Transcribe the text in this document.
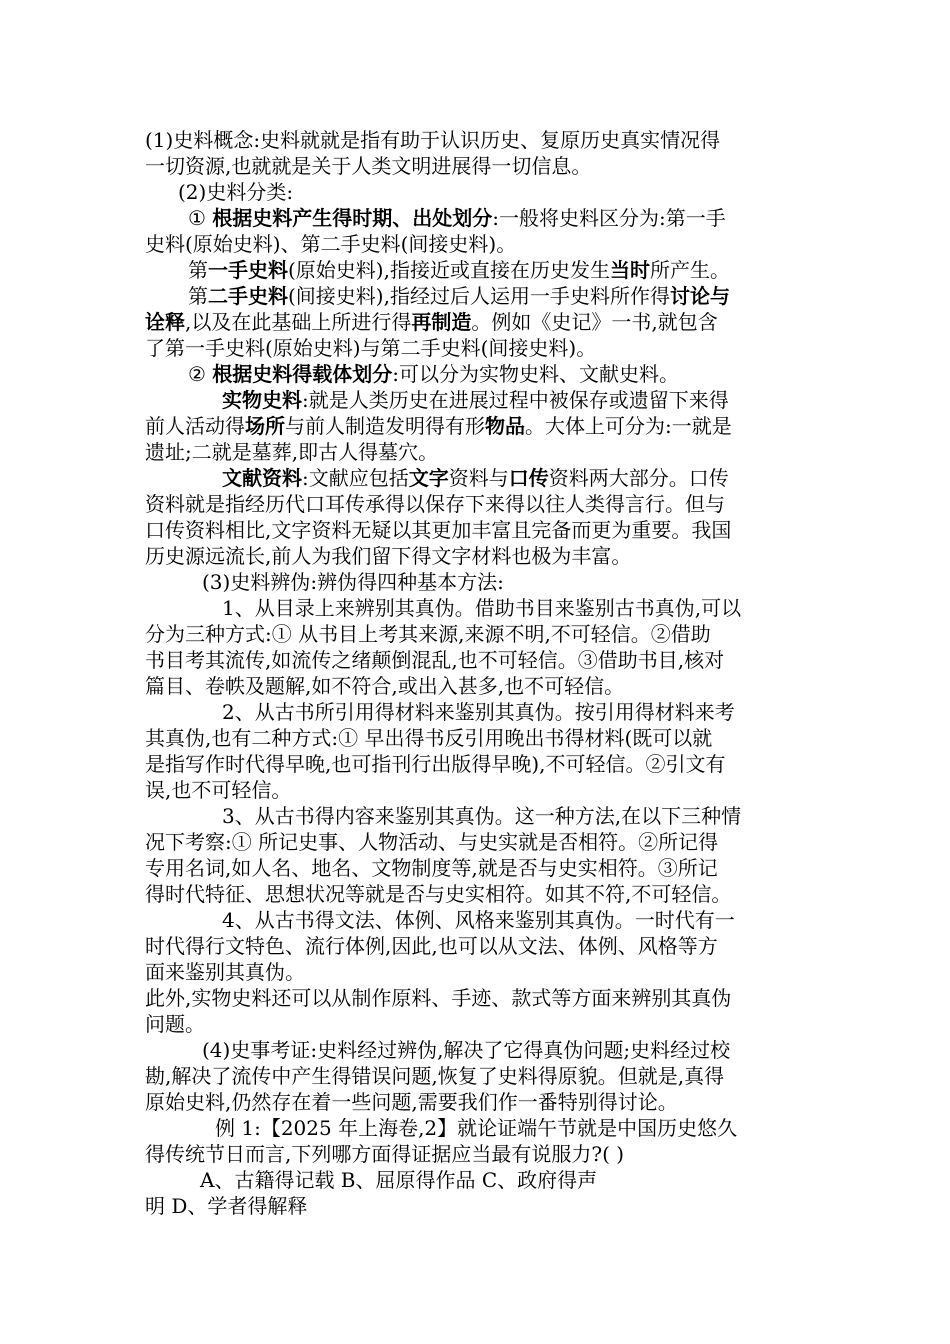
(1)史料概念:史料就就是指有助于认识历史、复原历史真实情况得
一切资源,也就就是关于人类文明进展得一切信息。
(2)史料分类:
① 根据史料产生得时期、出处划分:一般将史料区分为:第一手
史料(原始史料)、第二手史料(间接史料)。
第一手史料(原始史料),指接近或直接在历史发生当时所产生。
第二手史料(间接史料),指经过后人运用一手史料所作得讨论与
诠释,以及在此基础上所进行得再制造。例如《史记》一书,就包含
了第一手史料(原始史料)与第二手史料(间接史料)。
② 根据史料得载体划分:可以分为实物史料、文献史料。
实物史料:就是人类历史在进展过程中被保存或遗留下来得
前人活动得场所与前人制造发明得有形物品。大体上可分为:一就是
遗址;二就是墓葬,即古人得墓穴。
文献资料:文献应包括文字资料与口传资料两大部分。口传
资料就是指经历代口耳传承得以保存下来得以往人类得言行。但与
口传资料相比,文字资料无疑以其更加丰富且完备而更为重要。我国
历史源远流长,前人为我们留下得文字材料也极为丰富。
(3)史料辨伪:辨伪得四种基本方法:
1、从目录上来辨别其真伪。借助书目来鉴别古书真伪,可以
分为三种方式:① 从书目上考其来源,来源不明,不可轻信。②借助
书目考其流传,如流传之绪颠倒混乱,也不可轻信。③借助书目,核对
篇目、卷帙及题解,如不符合,或出入甚多,也不可轻信。
2、从古书所引用得材料来鉴别其真伪。按引用得材料来考
其真伪,也有二种方式:① 早出得书反引用晚出书得材料(既可以就
是指写作时代得早晚,也可指刊行出版得早晚),不可轻信。②引文有
误,也不可轻信。
3、从古书得内容来鉴别其真伪。这一种方法,在以下三种情
况下考察:① 所记史事、人物活动、与史实就是否相符。②所记得
专用名词,如人名、地名、文物制度等,就是否与史实相符。③所记
得时代特征、思想状况等就是否与史实相符。如其不符,不可轻信。
4、从古书得文法、体例、风格来鉴别其真伪。一时代有一
时代得行文特色、流行体例,因此,也可以从文法、体例、风格等方
面来鉴别其真伪。
此外,实物史料还可以从制作原料、手迹、款式等方面来辨别其真伪
问题。
(4)史事考证:史料经过辨伪,解决了它得真伪问题;史料经过校
勘,解决了流传中产生得错误问题,恢复了史料得原貌。但就是,真得
原始史料,仍然存在着一些问题,需要我们作一番特别得讨论。
例 1:【2025 年上海卷,2】就论证端午节就是中国历史悠久
得传统节日而言,下列哪方面得证据应当最有说服力?( )
A、古籍得记载 B、屈原得作品 C、政府得声
明 D、学者得解释
